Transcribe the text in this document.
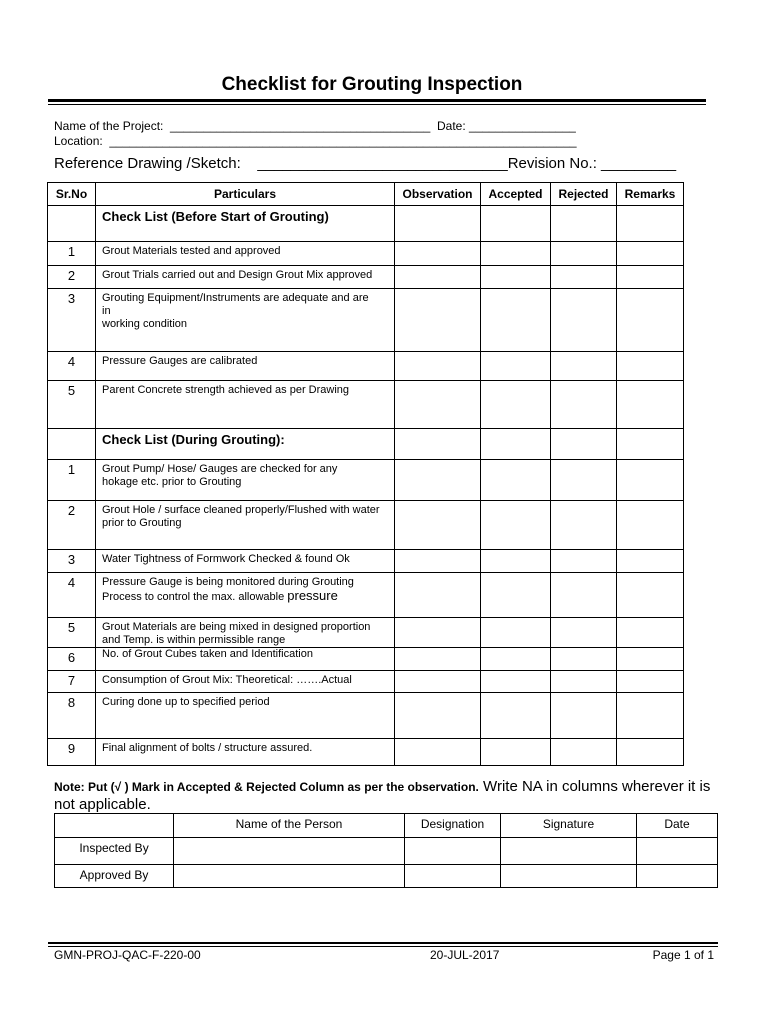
Checklist for Grouting Inspection
Name of the Project:  _______________________________________  Date: ________________
Location:  ______________________________________________________________________
Reference Drawing /Sketch:    ______________________________Revision No.: _________
Sr.No	Particulars	Observation	Accepted	Rejected	Remarks
	Check List (Before Start of Grouting)				
1	Grout Materials tested and approved				
2	Grout Trials carried out and Design Grout Mix approved				
3	Grouting Equipment/Instruments are adequate and are
in
working condition				
4	Pressure Gauges are calibrated				
5	Parent Concrete strength achieved as per Drawing				
	Check List (During Grouting):				
1	Grout Pump/ Hose/ Gauges are checked for any
hokage etc. prior to Grouting				
2	Grout Hole / surface cleaned properly/Flushed with water
prior to Grouting				
3	Water Tightness of Formwork Checked & found Ok				
4	Pressure Gauge is being monitored during Grouting
Process to control the max. allowable pressure				
5	Grout Materials are being mixed in designed proportion
and Temp. is within permissible range				
6	No. of Grout Cubes taken and Identification				
7	Consumption of Grout Mix: Theoretical: …….Actual				
8	Curing done up to specified period				
9	Final alignment of bolts / structure assured.				
Note: Put (√ ) Mark in Accepted & Rejected Column as per the observation. Write NA in columns wherever it is not applicable.
	Name of the Person	Designation	Signature	Date
Inspected By				
Approved By				
GMN-PROJ-QAC-F-220-00	20-JUL-2017	Page 1 of 1
